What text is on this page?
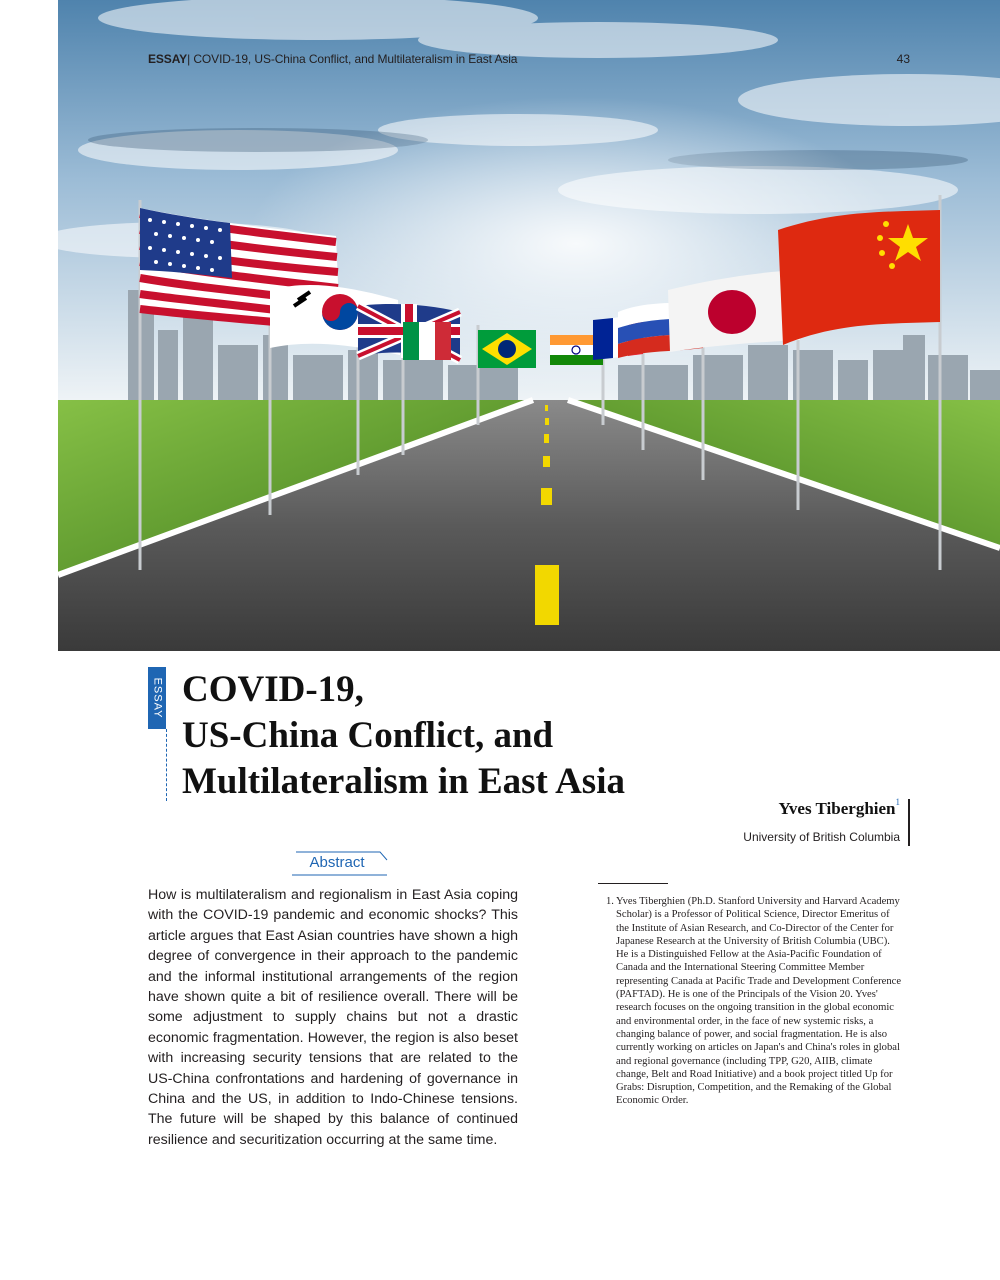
ESSAY| COVID-19, US-China Conflict, and Multilateralism in East Asia	43
ESSAY COVID-19,
US-China Conflict, and
Multilateralism in East Asia
Yves Tiberghien$^1$
University of British Columbia
Abstract

How is multilateralism and regionalism in East Asia coping with the COVID-19 pandemic and economic shocks? This article argues that East Asian countries have shown a high degree of convergence in their approach to the pandemic and the informal institutional arrangements of the region have shown quite a bit of resilience overall. There will be some adjustment to supply chains but not a drastic economic fragmentation. However, the region is also beset with increasing security tensions that are related to the US-China confrontations and hardening of governance in China and the US, in addition to Indo-Chinese tensions. The future will be shaped by this balance of continued resilience and securitization occurring at the same time.

1. Yves Tiberghien (Ph.D. Stanford University and Harvard Academy Scholar) is a Professor of Political Science, Director Emeritus of the Institute of Asian Research, and Co-Director of the Center for Japanese Research at the University of British Columbia (UBC). He is a Distinguished Fellow at the Asia-Pacific Foundation of Canada and the International Steering Committee Member representing Canada at Pacific Trade and Development Conference (PAFTAD). He is one of the Principals of the Vision 20. Yves' research focuses on the ongoing transition in the global economic and environmental order, in the face of new systemic risks, a changing balance of power, and social fragmentation. He is also currently working on articles on Japan's and China's roles in global and regional governance (including TPP, G20, AIIB, climate change, Belt and Road Initiative) and a book project titled Up for Grabs: Disruption, Competition, and the Remaking of the Global Economic Order.
